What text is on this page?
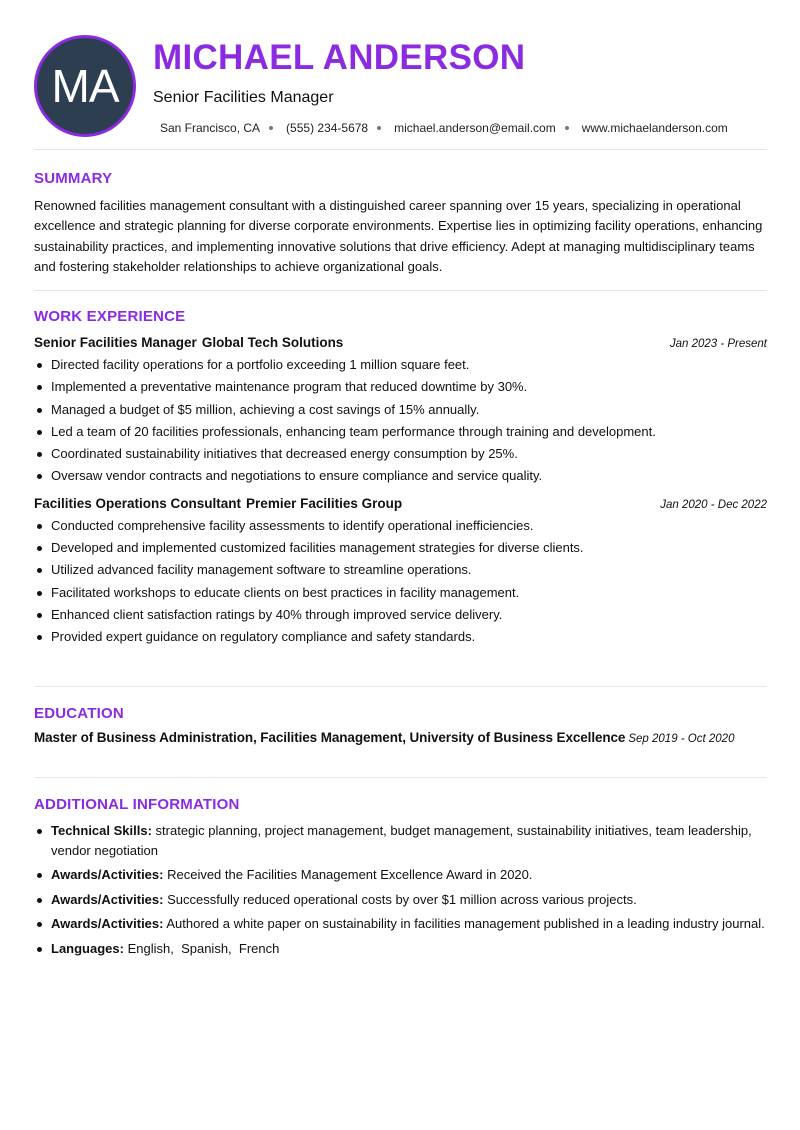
MA
MICHAEL ANDERSON
Senior Facilities Manager
San Francisco, CA (555) 234-5678 michael.anderson@email.com www.michaelanderson.com
SUMMARY

Renowned facilities management consultant with a distinguished career spanning over 15 years, specializing in operational excellence and strategic planning for diverse corporate environments. Expertise lies in optimizing facility operations, enhancing sustainability practices, and implementing innovative solutions that drive efficiency. Adept at managing multidisciplinary teams and fostering stakeholder relationships to achieve organizational goals.

WORK EXPERIENCE
Senior Facilities Manager Global Tech Solutions	Jan 2023 - Present
Directed facility operations for a portfolio exceeding 1 million square feet.
Implemented a preventative maintenance program that reduced downtime by 30%.
Managed a budget of $5 million, achieving a cost savings of 15% annually.
Led a team of 20 facilities professionals, enhancing team performance through training and development.
Coordinated sustainability initiatives that decreased energy consumption by 25%.
Oversaw vendor contracts and negotiations to ensure compliance and service quality.
Facilities Operations Consultant Premier Facilities Group	Jan 2020 - Dec 2022
Conducted comprehensive facility assessments to identify operational inefficiencies.
Developed and implemented customized facilities management strategies for diverse clients.
Utilized advanced facility management software to streamline operations.
Facilitated workshops to educate clients on best practices in facility management.
Enhanced client satisfaction ratings by 40% through improved service delivery.
Provided expert guidance on regulatory compliance and safety standards.
EDUCATION
Master of Business Administration, Facilities Management, University of Business Excellence Sep 2019 - Oct 2020
ADDITIONAL INFORMATION
Technical Skills: strategic planning, project management, budget management, sustainability initiatives, team leadership, vendor negotiation
Awards/Activities: Received the Facilities Management Excellence Award in 2020.
Awards/Activities: Successfully reduced operational costs by over $1 million across various projects.
Awards/Activities: Authored a white paper on sustainability in facilities management published in a leading industry journal.
Languages: English,  Spanish,  French
